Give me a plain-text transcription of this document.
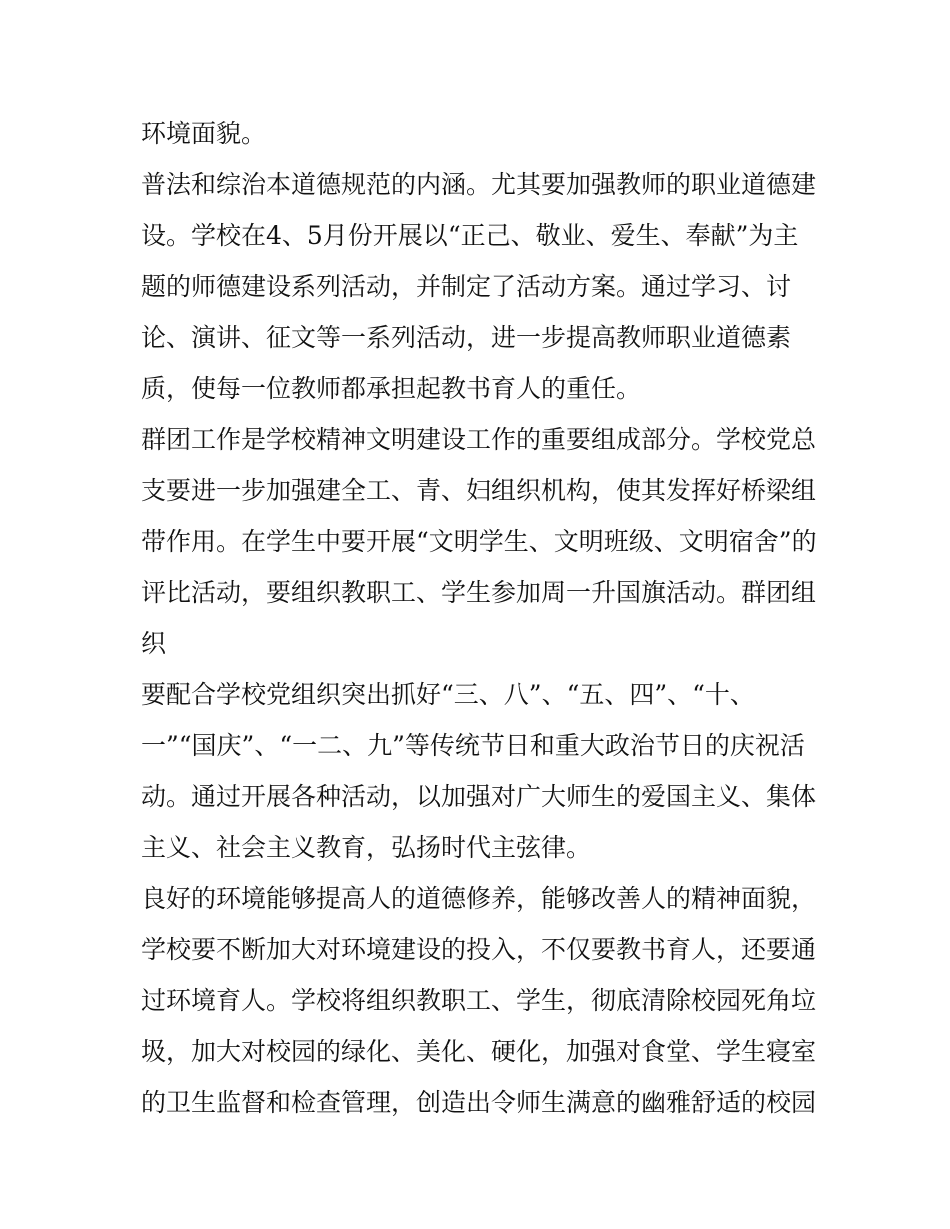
环境面貌。
普法和综治本道德规范的内涵。尤其要加强教师的职业道德建
设。学校在4、5月份开展以“正己、敬业、爱生、奉献”为主
题的师德建设系列活动，并制定了活动方案。通过学习、讨
论、演讲、征文等一系列活动，进一步提高教师职业道德素
质，使每一位教师都承担起教书育人的重任。
群团工作是学校精神文明建设工作的重要组成部分。学校党总
支要进一步加强建全工、青、妇组织机构，使其发挥好桥梁组
带作用。在学生中要开展“文明学生、文明班级、文明宿舍”的
评比活动，要组织教职工、学生参加周一升国旗活动。群团组
织
要配合学校党组织突出抓好“三、八”、“五、四”、“十、
一”“国庆”、“一二、九”等传统节日和重大政治节日的庆祝活
动。通过开展各种活动，以加强对广大师生的爱国主义、集体
主义、社会主义教育，弘扬时代主弦律。
良好的环境能够提高人的道德修养，能够改善人的精神面貌，
学校要不断加大对环境建设的投入，不仅要教书育人，还要通
过环境育人。学校将组织教职工、学生，彻底清除校园死角垃
圾，加大对校园的绿化、美化、硬化，加强对食堂、学生寝室
的卫生监督和检查管理，创造出令师生满意的幽雅舒适的校园
